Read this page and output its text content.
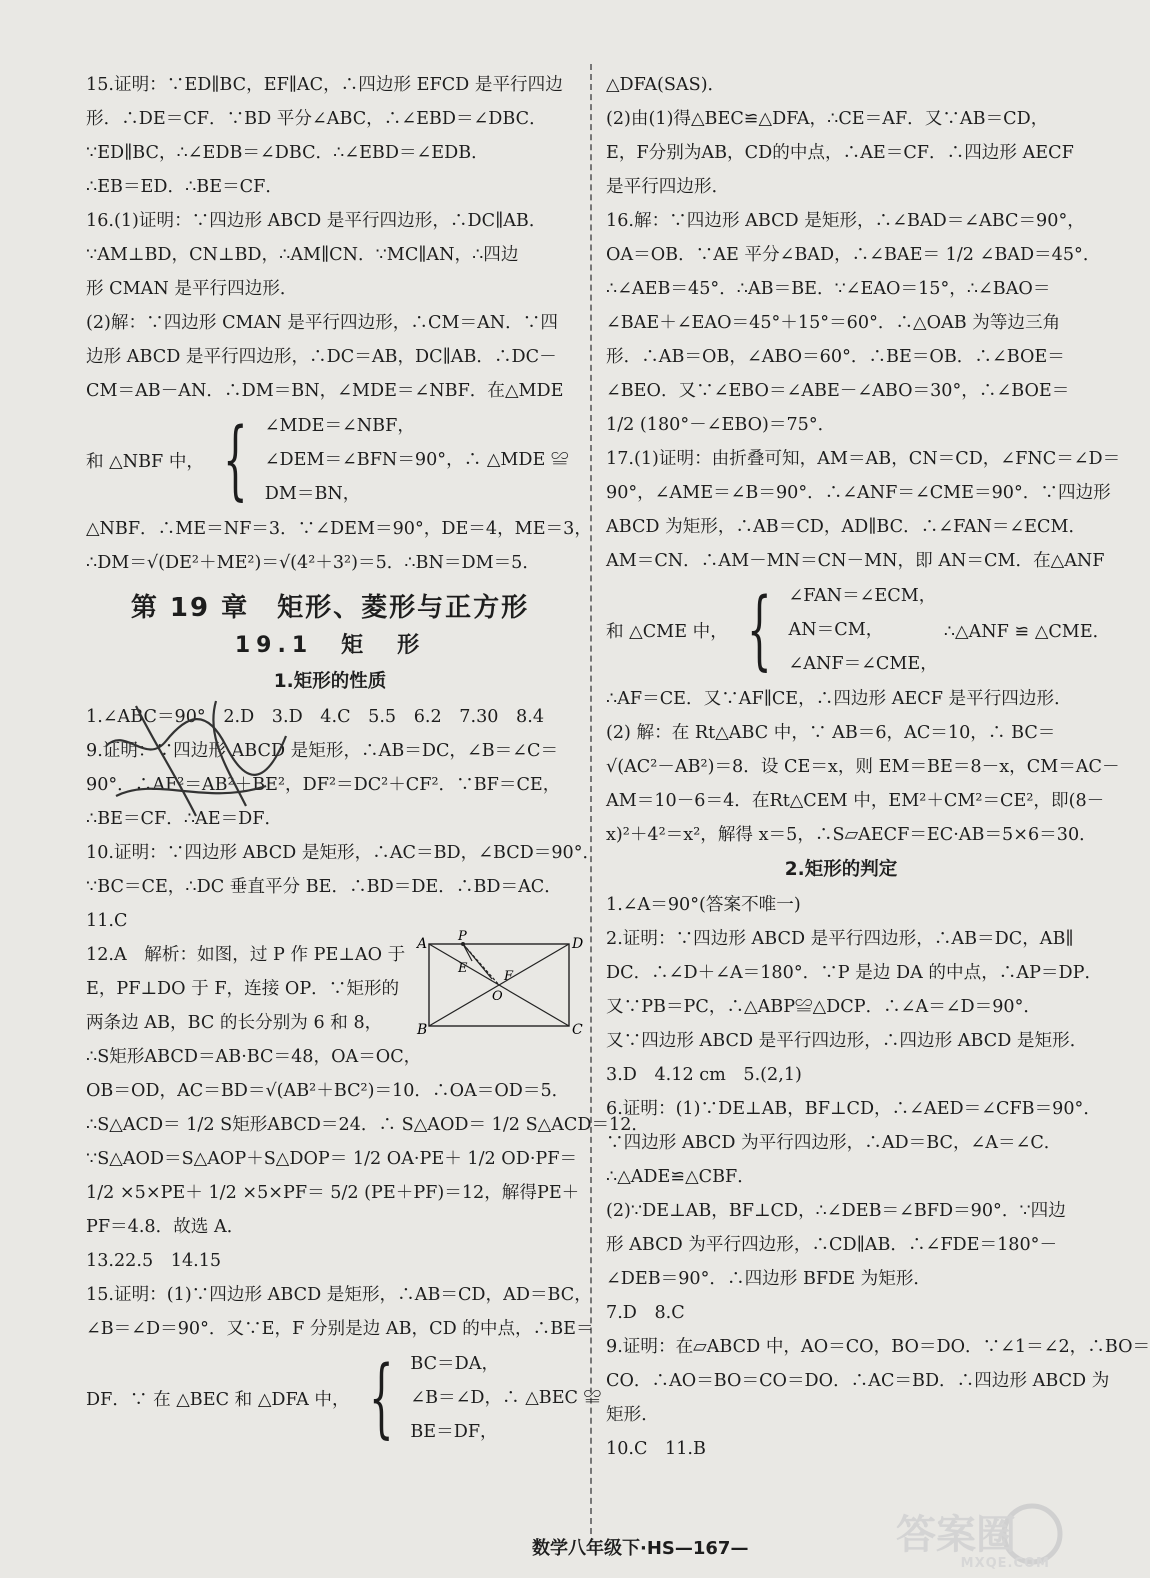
15.证明：∵ED∥BC，EF∥AC，∴四边形 EFCD 是平行四边
形．∴DE＝CF．∵BD 平分∠ABC，∴∠EBD＝∠DBC．
∵ED∥BC，∴∠EDB＝∠DBC．∴∠EBD＝∠EDB．
∴EB＝ED．∴BE＝CF．
16.(1)证明：∵四边形 ABCD 是平行四边形，∴DC∥AB．
∵AM⊥BD，CN⊥BD，∴AM∥CN．∵MC∥AN，∴四边
形 CMAN 是平行四边形．
(2)解：∵四边形 CMAN 是平行四边形，∴CM＝AN．∵四
边形 ABCD 是平行四边形，∴DC＝AB，DC∥AB．∴DC－
CM＝AB－AN．∴DM＝BN，∠MDE＝∠NBF．在△MDE
和 △NBF 中， { ∠MDE＝∠NBF，
∠DEM＝∠BFN＝90°，∴ △MDE ≌
DM＝BN，
△NBF．∴ME＝NF＝3．∵∠DEM＝90°，DE＝4，ME＝3，
∴DM＝√(DE²＋ME²)＝√(4²＋3²)＝5．∴BN＝DM＝5．
第 19 章　矩形、菱形与正方形
19.1　矩　形
1.矩形的性质
1.∠ABC＝90°　2.D　3.D　4.C　5.5　6.2　7.30　8.4
9.证明：∵四边形 ABCD 是矩形，∴AB＝DC，∠B＝∠C＝
90°．∴AF²＝AB²＋BE²，DF²＝DC²＋CF²．∵BF＝CE，
∴BE＝CF．∴AE＝DF．
10.证明：∵四边形 ABCD 是矩形，∴AC＝BD，∠BCD＝90°．
∵BC＝CE，∴DC 垂直平分 BE．∴BD＝DE．∴BD＝AC．
11.C
A	D
B	C
P
E
F
O
12.A　解析：如图，过 P 作 PE⊥AO 于
E，PF⊥DO 于 F，连接 OP．∵矩形的
两条边 AB，BC 的长分别为 6 和 8，
∴S矩形ABCD＝AB·BC＝48，OA＝OC，
OB＝OD，AC＝BD＝√(AB²＋BC²)＝10．∴OA＝OD＝5．
∴S△ACD＝ 1/2 S矩形ABCD＝24．∴ S△AOD＝ 1/2 S△ACD＝12．
∵S△AOD＝S△AOP＋S△DOP＝ 1/2 OA·PE＋ 1/2 OD·PF＝
1/2 ×5×PE＋ 1/2 ×5×PF＝ 5/2 (PE＋PF)＝12，解得PE＋
PF＝4.8．故选 A．
13.22.5　14.15
15.证明：(1)∵四边形 ABCD 是矩形，∴AB＝CD，AD＝BC，
∠B＝∠D＝90°．又∵E，F 分别是边 AB，CD 的中点，∴BE＝
DF．∵ 在 △BEC 和 △DFA 中， { BC＝DA，
∠B＝∠D，∴ △BEC ≌
BE＝DF，
△DFA(SAS)．
(2)由(1)得△BEC≌△DFA，∴CE＝AF．又∵AB＝CD，
E，F分别为AB，CD的中点，∴AE＝CF．∴四边形 AECF
是平行四边形．
16.解：∵四边形 ABCD 是矩形，∴∠BAD＝∠ABC＝90°，
OA＝OB．∵AE 平分∠BAD，∴∠BAE＝ 1/2 ∠BAD＝45°．
∴∠AEB＝45°．∴AB＝BE．∵∠EAO＝15°，∴∠BAO＝
∠BAE＋∠EAO＝45°＋15°＝60°．∴△OAB 为等边三角
形．∴AB＝OB，∠ABO＝60°．∴BE＝OB．∴∠BOE＝
∠BEO．又∵∠EBO＝∠ABE－∠ABO＝30°，∴∠BOE＝
1/2 (180°－∠EBO)＝75°．
17.(1)证明：由折叠可知，AM＝AB，CN＝CD，∠FNC＝∠D＝
90°，∠AME＝∠B＝90°．∴∠ANF＝∠CME＝90°．∵四边形
ABCD 为矩形，∴AB＝CD，AD∥BC．∴∠FAN＝∠ECM．
AM＝CN．∴AM－MN＝CN－MN，即 AN＝CM．在△ANF
和 △CME 中， { ∠FAN＝∠ECM，
AN＝CM，
∠ANF＝∠CME，
∴△ANF ≌ △CME．
∴AF＝CE．又∵AF∥CE，∴四边形 AECF 是平行四边形．
(2) 解：在 Rt△ABC 中，∵ AB＝6，AC＝10，∴ BC＝
√(AC²－AB²)＝8．设 CE＝x，则 EM＝BE＝8－x，CM＝AC－
AM＝10－6＝4．在Rt△CEM 中，EM²＋CM²＝CE²，即(8－
x)²＋4²＝x²，解得 x＝5，∴S▱AECF＝EC·AB＝5×6＝30．
2.矩形的判定
1.∠A＝90°(答案不唯一)
2.证明：∵四边形 ABCD 是平行四边形，∴AB＝DC，AB∥
DC．∴∠D＋∠A＝180°．∵P 是边 DA 的中点，∴AP＝DP．
又∵PB＝PC，∴△ABP≌△DCP．∴∠A＝∠D＝90°．
又∵四边形 ABCD 是平行四边形，∴四边形 ABCD 是矩形．
3.D　4.12 cm　5.(2,1)
6.证明：(1)∵DE⊥AB，BF⊥CD，∴∠AED＝∠CFB＝90°．
∵四边形 ABCD 为平行四边形，∴AD＝BC，∠A＝∠C．
∴△ADE≌△CBF．
(2)∵DE⊥AB，BF⊥CD，∴∠DEB＝∠BFD＝90°．∵四边
形 ABCD 为平行四边形，∴CD∥AB．∴∠FDE＝180°－
∠DEB＝90°．∴四边形 BFDE 为矩形．
7.D　8.C
9.证明：在▱ABCD 中，AO＝CO，BO＝DO．∵∠1＝∠2，∴BO＝
CO．∴AO＝BO＝CO＝DO．∴AC＝BD．∴四边形 ABCD 为
矩形．
10.C　11.B
数学八年级下·HS—167—	答案圈
MXQE.COM
